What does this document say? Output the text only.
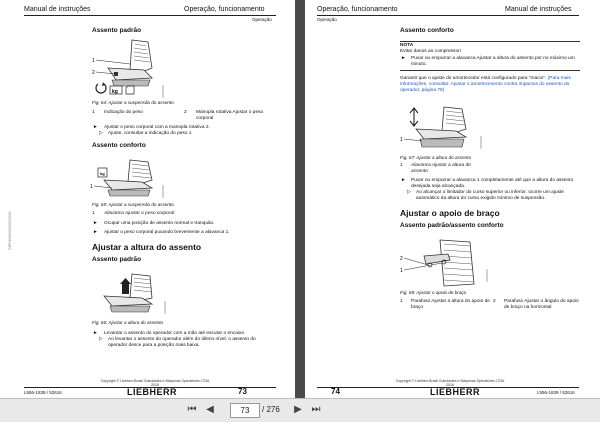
Manual de instruções	Operação, funcionamento
Operação
GRP0000000000000000
Assento padrão
1
2
kg	G00000000
Fig. 64: Ajustar a suspensão do assento
1 Indicação do peso	2 Manopla rotativa Ajustar o peso corporal
► Ajustar o peso corporal com a manopla rotativa 2.
▷ Ajuste, consultar a indicação do peso 1
Assento conforto
1
kg
G00000000
Fig. 65: Ajustar a suspensão do assento
1 Alavanca Ajustar o peso corporal
► Ocupar uma posição de assento normal e tranquila.
► Ajustar o peso corporal puxando brevemente a alavanca 1.
Ajustar a altura do assento
Assento padrão
G00000000
Fig. 66: Ajustar a altura do assento
► Levantar o assento do operador com a mão até escutar o encaixe.
▷ Ao levantar o assento do operador além do último nível, o assento do operador desce para a posição mais baixa.
Copyright © Liebherr-Brasil Guindastes e Máquinas Operatrizes LTDA 2016
L556-1839 / 52616	LIEBHERR	73
Operação, funcionamento	Manual de instruções
Operação
Assento conforto
NOTA
Evitar danos ao compressor!
► Puxar ou empurrar a alavanca Ajustar a altura do assento por no máximo um minuto.
Garantir que o ajuste do amortecedor está configurado para "macio". (Para mais informações, consultar: Ajustar o amortecimento contra impactos do assento do operador, página 78)
1	G00000000
Fig. 67: Ajustar a altura do assento
1 Alavanca Ajustar a altura do assento
► Puxar ou empurrar a alavanca 1 completamente até que a altura do assento desejada seja alcançada.
▷ Ao alcançar o limitador do curso superior ou inferior, ocorre um ajuste automático da altura do curso exigido mínimo de suspensão.
Ajustar o apoio de braço
Assento padrão/assento conforto
2
1	G00000000
Fig. 68: Ajustar o apoio de braço
1 Parafuso Ajustar a altura do apoio de braço
2 Parafuso Ajustar o ângulo do apoio de braço na horizontal
Copyright © Liebherr-Brasil Guindastes e Máquinas Operatrizes LTDA 2016
74	LIEBHERR	L556-1839 / 52616
⏮ ◀	73	/ 276 ▶ ⏭
